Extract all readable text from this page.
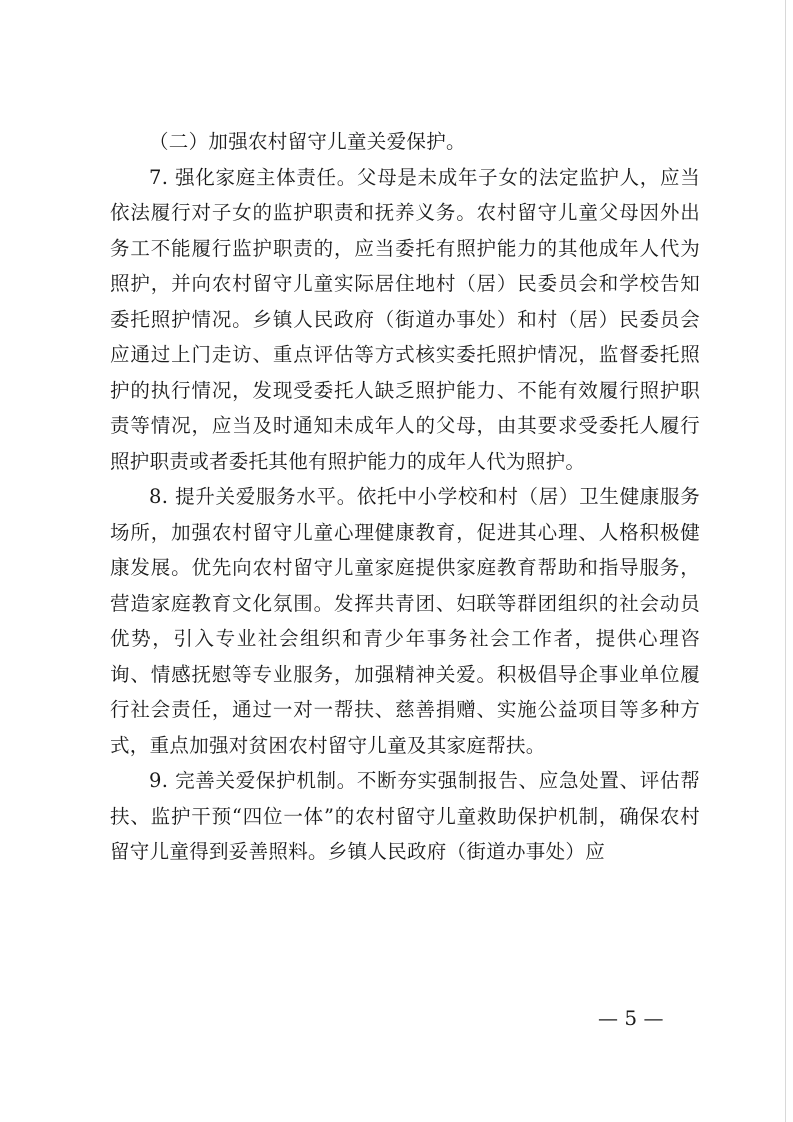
（二）加强农村留守儿童关爱保护。

7. 强化家庭主体责任。父母是未成年子女的法定监护人，应当依法履行对子女的监护职责和抚养义务。农村留守儿童父母因外出务工不能履行监护职责的，应当委托有照护能力的其他成年人代为照护，并向农村留守儿童实际居住地村（居）民委员会和学校告知委托照护情况。乡镇人民政府（街道办事处）和村（居）民委员会应通过上门走访、重点评估等方式核实委托照护情况，监督委托照护的执行情况，发现受委托人缺乏照护能力、不能有效履行照护职责等情况，应当及时通知未成年人的父母，由其要求受委托人履行照护职责或者委托其他有照护能力的成年人代为照护。

8. 提升关爱服务水平。依托中小学校和村（居）卫生健康服务场所，加强农村留守儿童心理健康教育，促进其心理、人格积极健康发展。优先向农村留守儿童家庭提供家庭教育帮助和指导服务，营造家庭教育文化氛围。发挥共青团、妇联等群团组织的社会动员优势，引入专业社会组织和青少年事务社会工作者，提供心理咨询、情感抚慰等专业服务，加强精神关爱。积极倡导企事业单位履行社会责任，通过一对一帮扶、慈善捐赠、实施公益项目等多种方式，重点加强对贫困农村留守儿童及其家庭帮扶。

9. 完善关爱保护机制。不断夯实强制报告、应急处置、评估帮扶、监护干预“四位一体”的农村留守儿童救助保护机制，确保农村留守儿童得到妥善照料。乡镇人民政府（街道办事处）应

— 5 —
